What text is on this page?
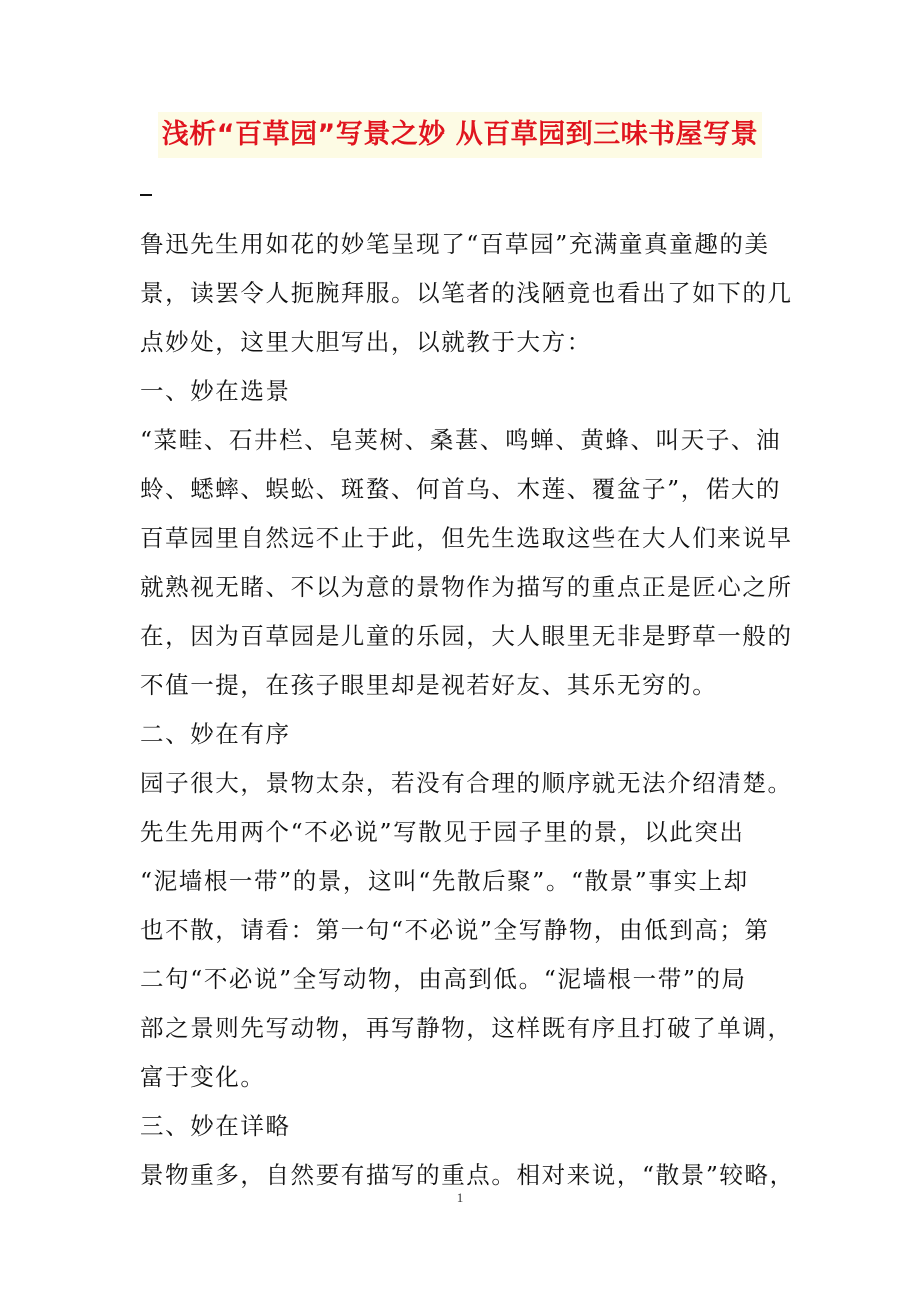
浅析“百草园”写景之妙 从百草园到三味书屋写景
鲁迅先生用如花的妙笔呈现了“百草园”充满童真童趣的美
景，读罢令人扼腕拜服。以笔者的浅陋竟也看出了如下的几
点妙处，这里大胆写出，以就教于大方：
一、妙在选景
“菜畦、石井栏、皂荚树、桑葚、鸣蝉、黄蜂、叫天子、油
蛉、蟋蟀、蜈蚣、斑蝥、何首乌、木莲、覆盆子”，偌大的
百草园里自然远不止于此，但先生选取这些在大人们来说早
就熟视无睹、不以为意的景物作为描写的重点正是匠心之所
在，因为百草园是儿童的乐园，大人眼里无非是野草一般的
不值一提，在孩子眼里却是视若好友、其乐无穷的。
二、妙在有序
园子很大，景物太杂，若没有合理的顺序就无法介绍清楚。
先生先用两个“不必说”写散见于园子里的景，以此突出
“泥墙根一带”的景，这叫“先散后聚”。“散景”事实上却
也不散，请看：第一句“不必说”全写静物，由低到高；第
二句“不必说”全写动物，由高到低。“泥墙根一带”的局
部之景则先写动物，再写静物，这样既有序且打破了单调，
富于变化。
三、妙在详略
景物重多，自然要有描写的重点。相对来说，“散景”较略，
1
